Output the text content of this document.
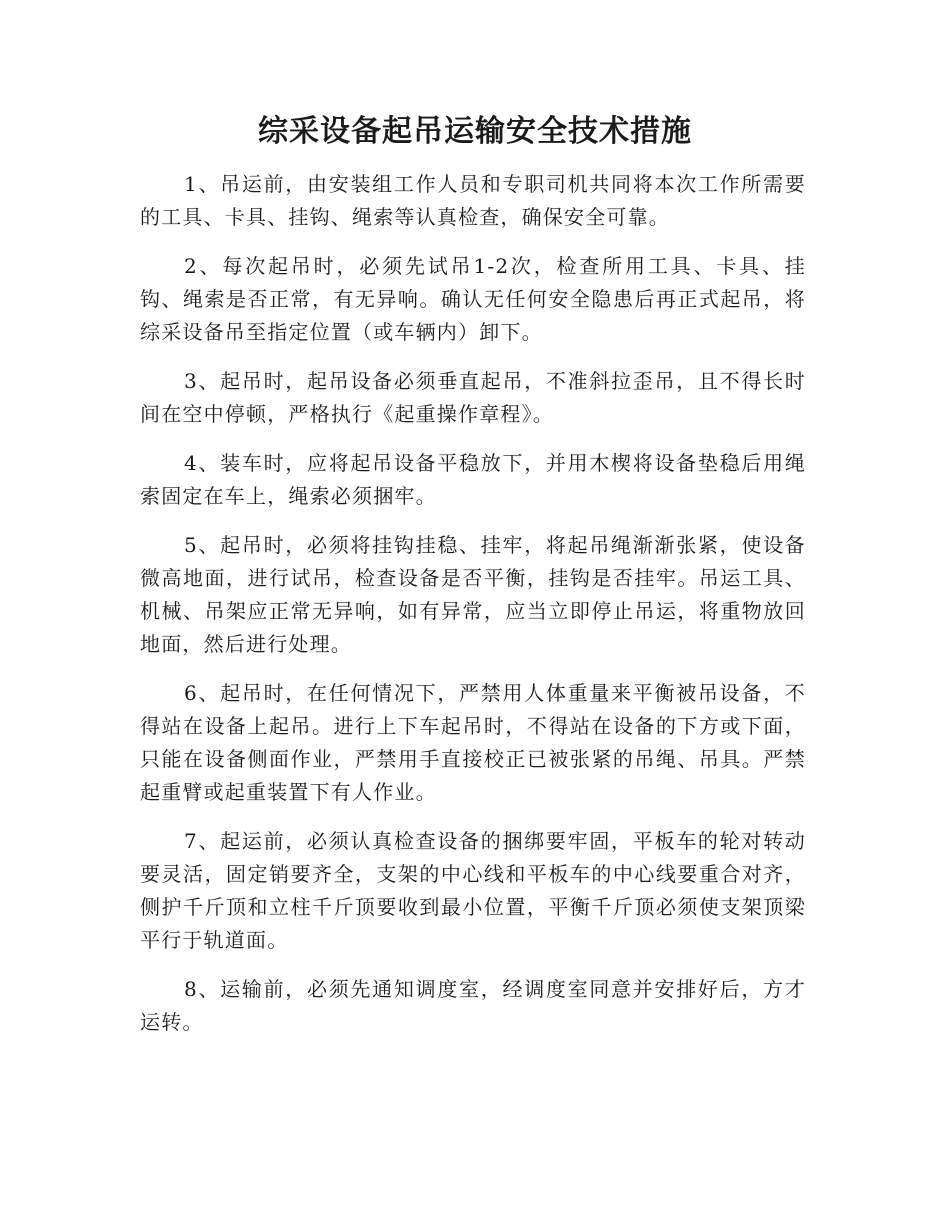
综采设备起吊运输安全技术措施

1、吊运前，由安装组工作人员和专职司机共同将本次工作所需要的工具、卡具、挂钩、绳索等认真检查，确保安全可靠。

2、每次起吊时，必须先试吊1-2次，检查所用工具、卡具、挂钩、绳索是否正常，有无异响。确认无任何安全隐患后再正式起吊，将综采设备吊至指定位置（或车辆内）卸下。

3、起吊时，起吊设备必须垂直起吊，不准斜拉歪吊，且不得长时间在空中停顿，严格执行《起重操作章程》。

4、装车时，应将起吊设备平稳放下，并用木楔将设备垫稳后用绳索固定在车上，绳索必须捆牢。

5、起吊时，必须将挂钩挂稳、挂牢，将起吊绳渐渐张紧，使设备微高地面，进行试吊，检查设备是否平衡，挂钩是否挂牢。吊运工具、机械、吊架应正常无异响，如有异常，应当立即停止吊运，将重物放回地面，然后进行处理。

6、起吊时，在任何情况下，严禁用人体重量来平衡被吊设备，不得站在设备上起吊。进行上下车起吊时，不得站在设备的下方或下面，只能在设备侧面作业，严禁用手直接校正已被张紧的吊绳、吊具。严禁起重臂或起重装置下有人作业。

7、起运前，必须认真检查设备的捆绑要牢固，平板车的轮对转动要灵活，固定销要齐全，支架的中心线和平板车的中心线要重合对齐，侧护千斤顶和立柱千斤顶要收到最小位置，平衡千斤顶必须使支架顶梁平行于轨道面。

8、运输前，必须先通知调度室，经调度室同意并安排好后，方才运转。
